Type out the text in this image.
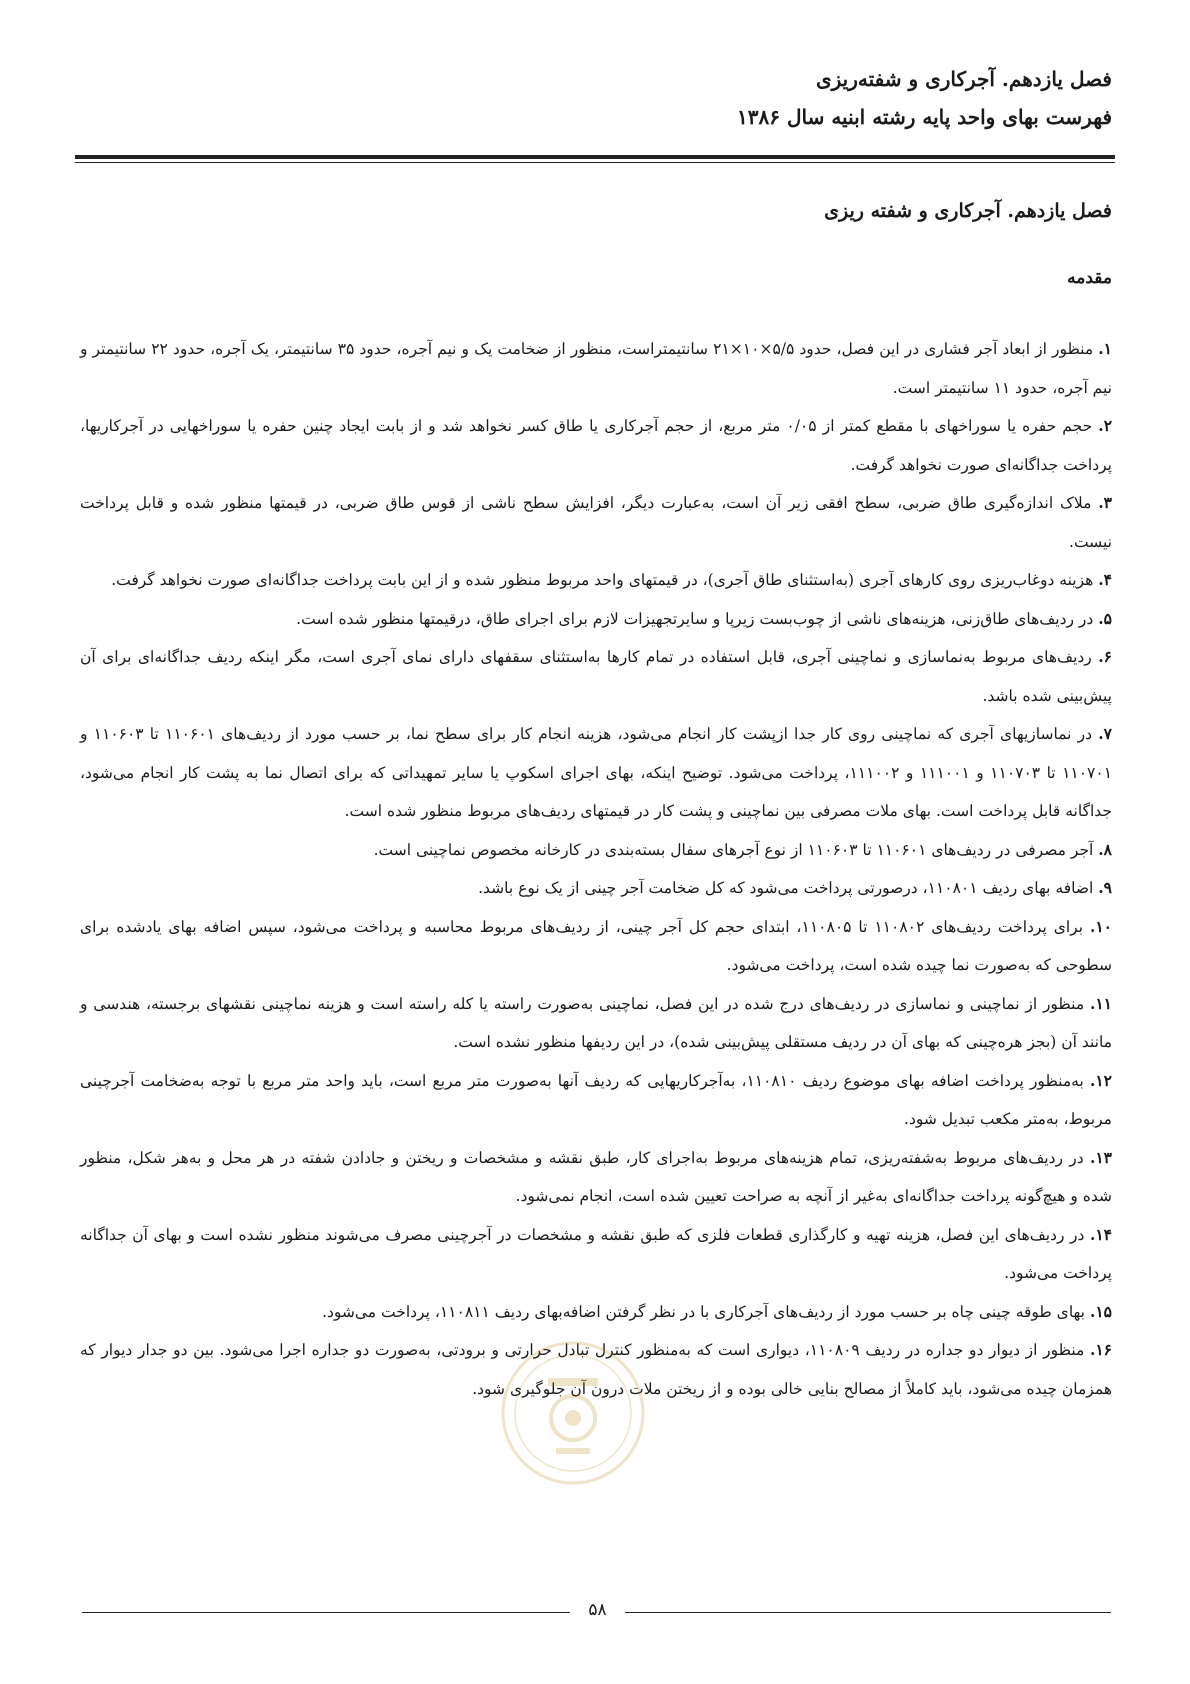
فصل یازدهم. آجرکاری و شفته‌ریزی
فهرست بهای واحد پایه رشته ابنیه سال ۱۳۸۶
فصل یازدهم. آجرکاری و شفته ریزی
مقدمه

۱. منظور از ابعاد آجر فشاری در این فصل، حدود ۵/۵×۱۰×۲۱ سانتیمتراست، منظور از ضخامت یک و نیم آجره، حدود ۳۵ سانتیمتر، یک آجره، حدود ۲۲ سانتیمتر و نیم آجره، حدود ۱۱ سانتیمتر است.

۲. حجم حفره یا سوراخهای با مقطع کمتر از ۰/۰۵ متر مربع، از حجم آجرکاری یا طاق کسر نخواهد شد و از بابت ایجاد چنین حفره یا سوراخهایی در آجرکاریها، پرداخت جداگانه‌ای صورت نخواهد گرفت.

۳. ملاک اندازه‌گیری طاق ضربی، سطح افقی زیر آن است، به‌عبارت دیگر، افزایش سطح ناشی از قوس طاق ضربی، در قیمتها منظور شده و قابل پرداخت نیست.

۴. هزینه دوغاب‌ریزی روی کارهای آجری (به‌استثنای طاق آجری)، در قیمتهای واحد مربوط منظور شده و از این بابت پرداخت جداگانه‌ای صورت نخواهد گرفت.

۵. در ردیف‌های طاق‌زنی، هزینه‌های ناشی از چوب‌بست زیرپا و سایرتجهیزات لازم برای اجرای طاق، درقیمتها منظور شده است.

۶. ردیف‌های مربوط به‌نماسازی و نماچینی آجری، قابل استفاده در تمام کارها به‌استثنای سقفهای دارای نمای آجری است، مگر اینکه ردیف جداگانه‌ای برای آن پیش‌بینی شده باشد.

۷. در نماسازیهای آجری که نماچینی روی کار جدا ازپشت کار انجام می‌شود، هزینه انجام کار برای سطح نما، بر حسب مورد از ردیف‌های ۱۱۰۶۰۱ تا ۱۱۰۶۰۳ و ۱۱۰۷۰۱ تا ۱۱۰۷۰۳ و ۱۱۱۰۰۱ و ۱۱۱۰۰۲، پرداخت می‌شود. توضیح اینکه، بهای اجرای اسکوپ یا سایر تمهیداتی که برای اتصال نما به پشت کار انجام می‌شود، جداگانه قابل پرداخت است. بهای ملات مصرفی بین نماچینی و پشت کار در قیمتهای ردیف‌های مربوط منظور شده است.

۸. آجر مصرفی در ردیف‌های ۱۱۰۶۰۱ تا ۱۱۰۶۰۳ از نوع آجرهای سفال بسته‌بندی در کارخانه مخصوص نماچینی است.

۹. اضافه بهای ردیف ۱۱۰۸۰۱، درصورتی پرداخت می‌شود که کل ضخامت آجر چینی از یک نوع باشد.

۱۰. برای پرداخت ردیف‌های ۱۱۰۸۰۲ تا ۱۱۰۸۰۵، ابتدای حجم کل آجر چینی، از ردیف‌های مربوط محاسبه و پرداخت می‌شود، سپس اضافه بهای یادشده برای سطوحی که به‌صورت نما چیده شده است، پرداخت می‌شود.

۱۱. منظور از نماچینی و نماسازی در ردیف‌های درج شده در این فصل، نماچینی به‌صورت راسته یا کله راسته است و هزینه نماچینی نقشهای برجسته، هندسی و مانند آن (بجز هره‌چینی که بهای آن در ردیف مستقلی پیش‌بینی شده)، در این ردیفها منظور نشده است.

۱۲. به‌منظور پرداخت اضافه بهای موضوع ردیف ۱۱۰۸۱۰، به‌آجرکاریهایی که ردیف آنها به‌صورت متر مربع است، باید واحد متر مربع با توجه به‌ضخامت آجرچینی مربوط، به‌متر مکعب تبدیل شود.

۱۳. در ردیف‌های مربوط به‌شفته‌ریزی، تمام هزینه‌های مربوط به‌اجرای کار، طبق نقشه و مشخصات و ریختن و جادادن شفته در هر محل و به‌هر شکل، منظور شده و هیچ‌گونه پرداخت جداگانه‌ای به‌غیر از آنچه به صراحت تعیین شده است، انجام نمی‌شود.

۱۴. در ردیف‌های این فصل، هزینه تهیه و کارگذاری قطعات فلزی که طبق نقشه و مشخصات در آجرچینی مصرف می‌شوند منظور نشده است و بهای آن جداگانه پرداخت می‌شود.

۱۵. بهای طوقه چینی چاه بر حسب مورد از ردیف‌های آجرکاری با در نظر گرفتن اضافه‌بهای ردیف ۱۱۰۸۱۱، پرداخت می‌شود.

۱۶. منظور از دیوار دو جداره در ردیف ۱۱۰۸۰۹، دیواری است که به‌منظور کنترل تبادل حرارتی و برودتی، به‌صورت دو جداره اجرا می‌شود. بین دو جدار دیوار که همزمان چیده می‌شود، باید کاملاً از مصالح بنایی خالی بوده و از ریختن ملات درون آن جلوگیری شود.

۵۸
